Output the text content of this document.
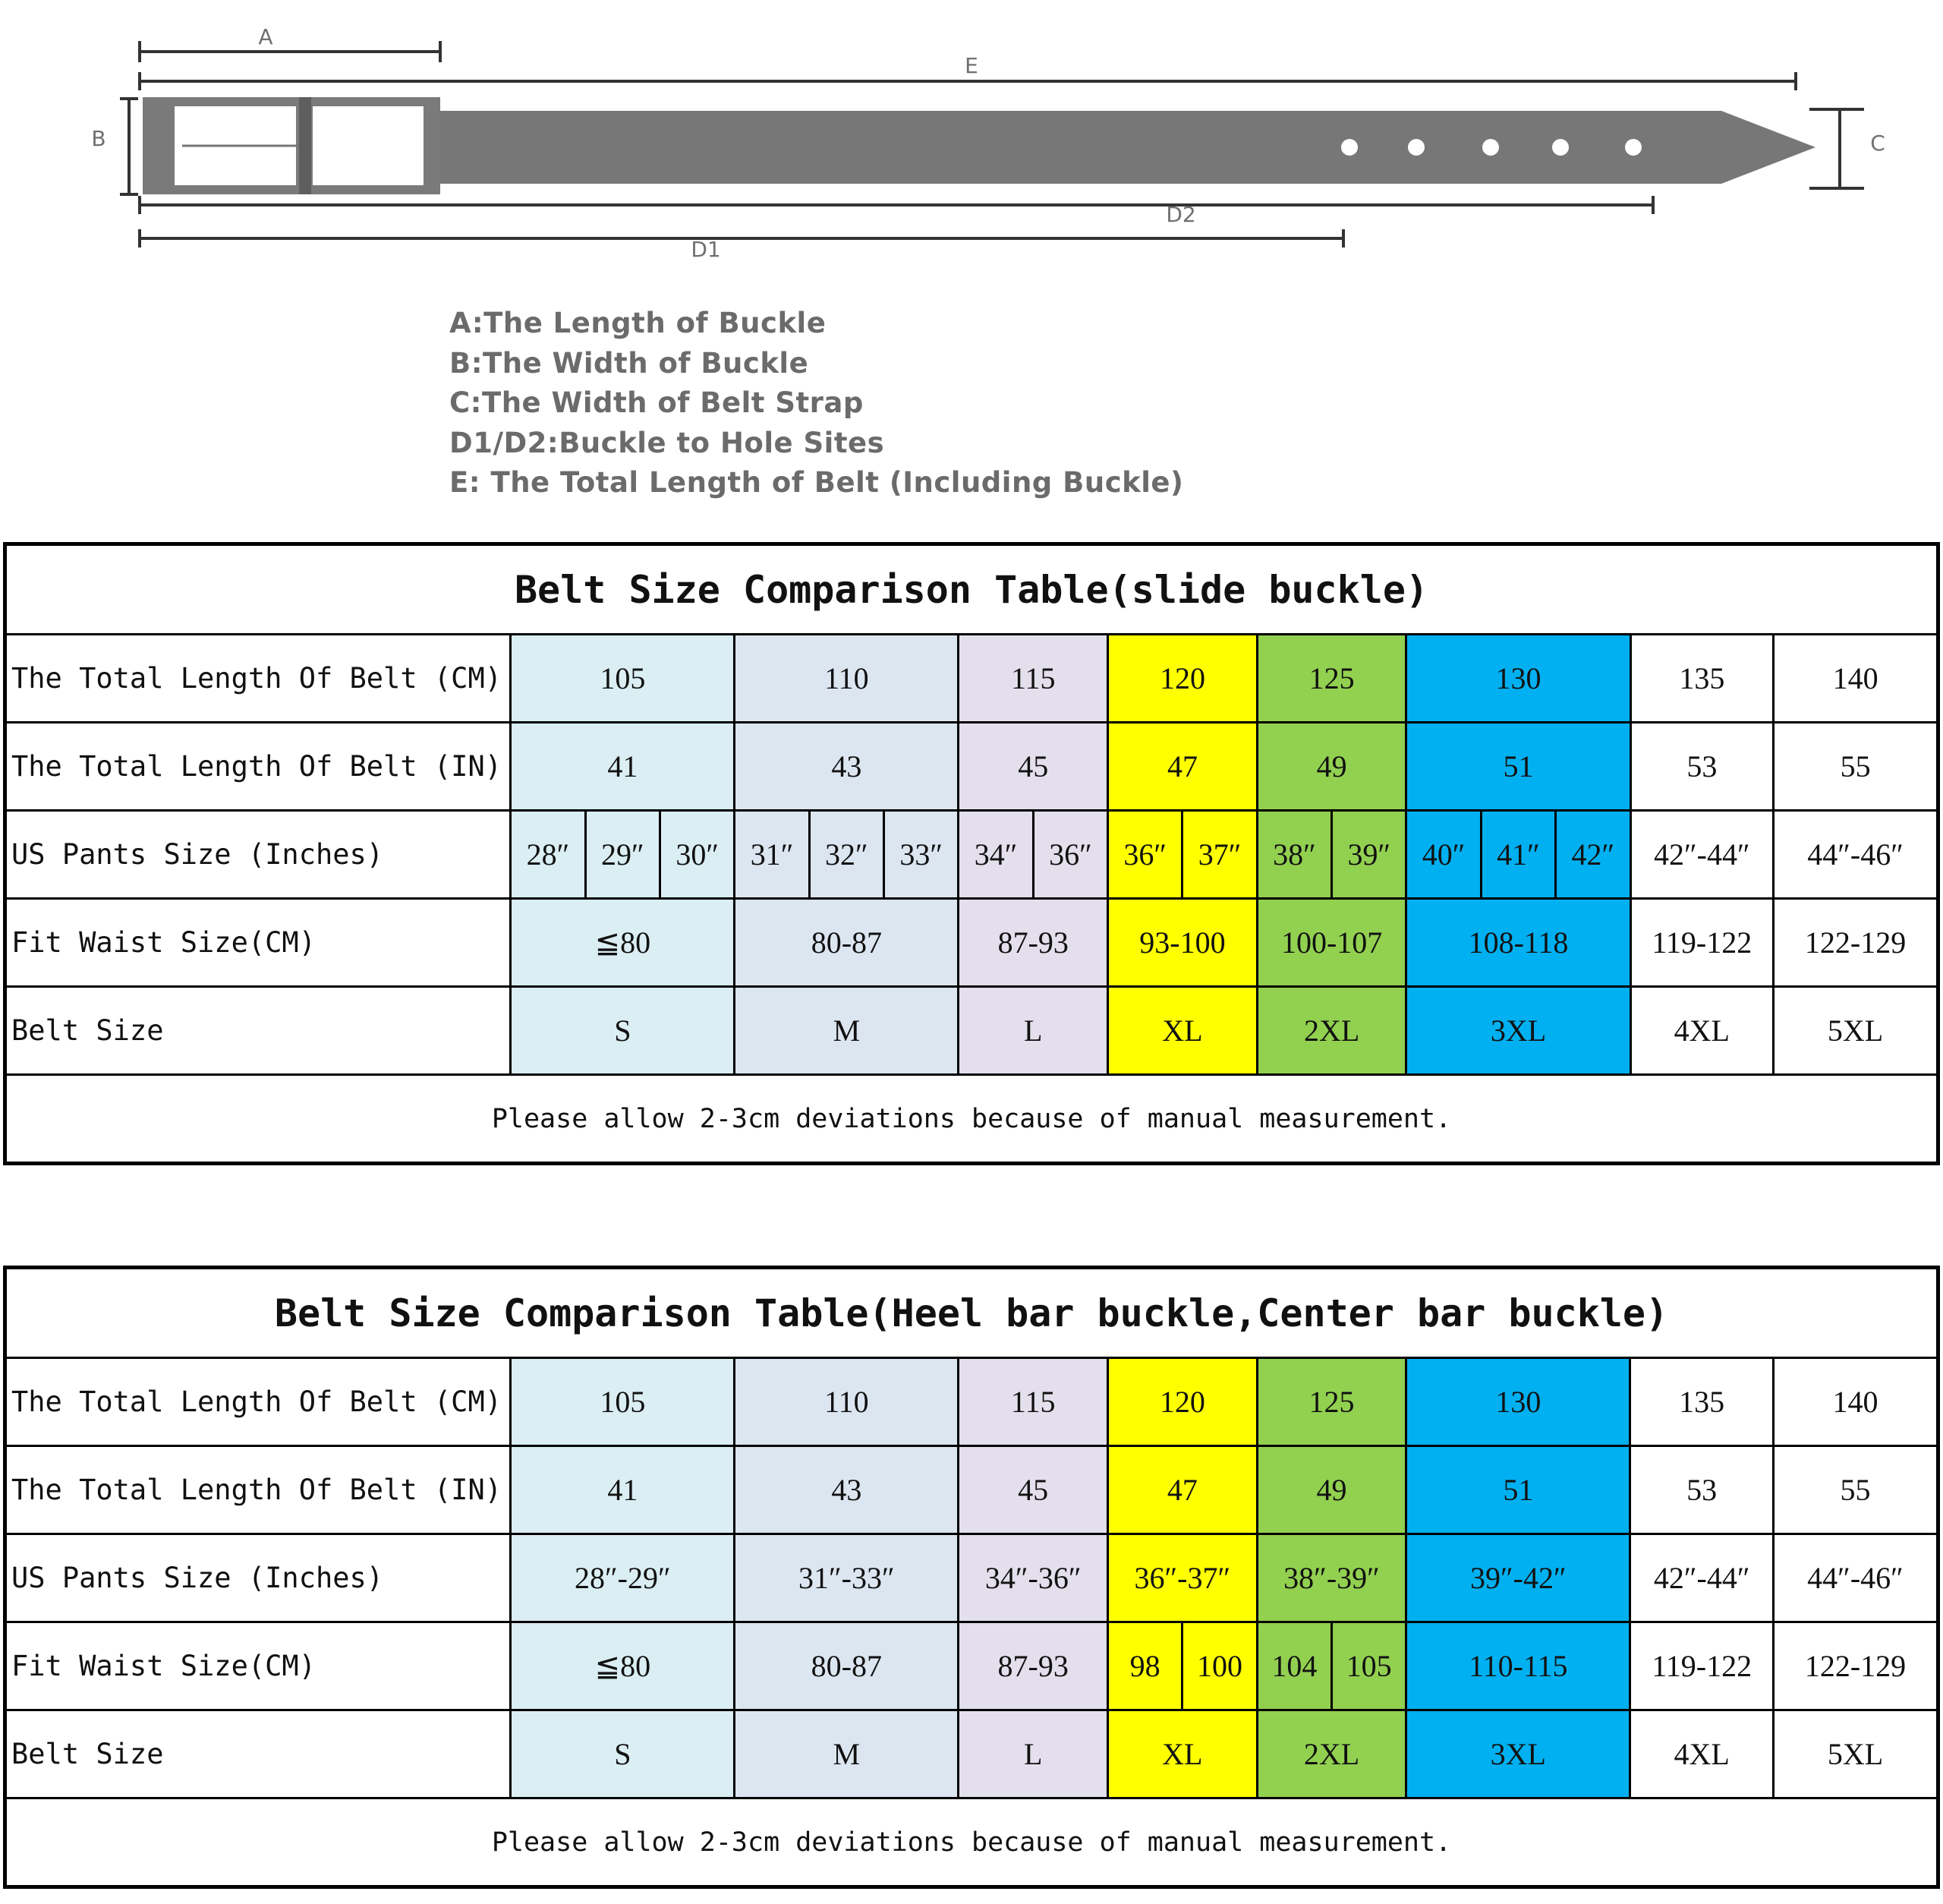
A
E
B	C
D2
D1
A:The Length of Buckle
B:The Width of Buckle
C:The Width of Belt Strap
D1/D2:Buckle to Hole Sites
E: The Total Length of Belt (Including Buckle)
Belt Size Comparison Table(slide buckle)																	
The Total Length Of Belt (CM)	105			110			115		120		125		130			135	140
The Total Length Of Belt (IN)	41			43			45		47		49		51			53	55
US Pants Size (Inches)	28″	29″	30″	31″	32″	33″	34″	36″	36″	37″	38″	39″	40″	41″	42″	42″-44″	44″-46″
Fit Waist Size(CM)	≦80			80-87			87-93		93-100		100-107		108-118			119-122	122-129
Belt Size	S			M			L		XL		2XL		3XL			4XL	5XL
Please allow 2-3cm deviations because of manual measurement.																	
Belt Size Comparison Table(Heel bar buckle,Center bar buckle)										
The Total Length Of Belt (CM)	105	110	115	120		125		130	135	140
The Total Length Of Belt (IN)	41	43	45	47		49		51	53	55
US Pants Size (Inches)	28″-29″	31″-33″	34″-36″	36″-37″		38″-39″		39″-42″	42″-44″	44″-46″
Fit Waist Size(CM)	≦80	80-87	87-93	98	100	104	105	110-115	119-122	122-129
Belt Size	S	M	L	XL		2XL		3XL	4XL	5XL
Please allow 2-3cm deviations because of manual measurement.										
